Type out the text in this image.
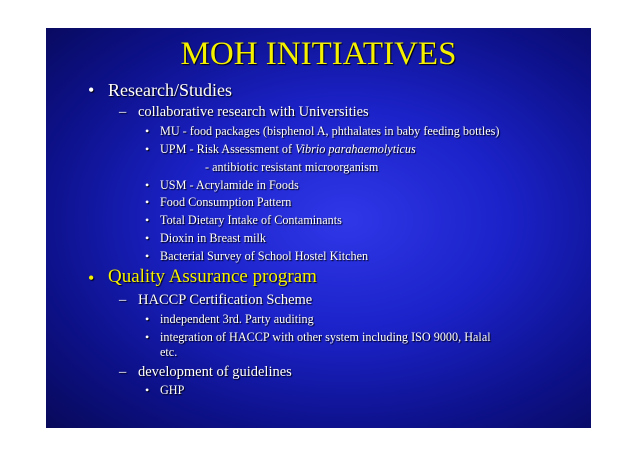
MOH INITIATIVES
• Research/Studies
– collaborative research with Universities
• MU - food packages (bisphenol A, phthalates in baby feeding bottles)
• UPM - Risk Assessment of Vibrio parahaemolyticus
- antibiotic resistant microorganism
• USM - Acrylamide in Foods
• Food Consumption Pattern
• Total Dietary Intake of Contaminants
• Dioxin in Breast milk
• Bacterial Survey of School Hostel Kitchen
• Quality Assurance program
– HACCP Certification Scheme
• independent 3rd. Party auditing
• integration of HACCP with other system including ISO 9000, Halal
etc.
– development of guidelines
• GHP
